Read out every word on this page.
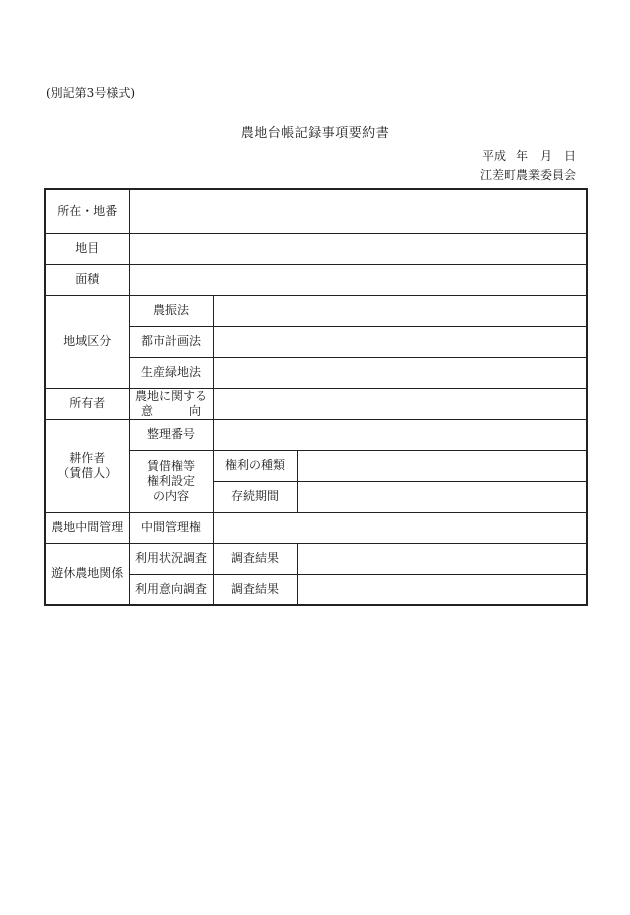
(別記第3号様式)
農地台帳記録事項要約書
平成 年 月 日
江差町農業委員会
所在・地番			
地目			
面積			
地域区分	農振法		
	都市計画法		
	生産緑地法		
所有者	農地に関する
意　　　向		

耕作者
（賃借人）	整理番号		

	賃借権等
権利設定
の内容	権利の種類	
		存続期間	
農地中間管理	中間管理権		
遊休農地関係	利用状況調査	調査結果	
	利用意向調査	調査結果	
